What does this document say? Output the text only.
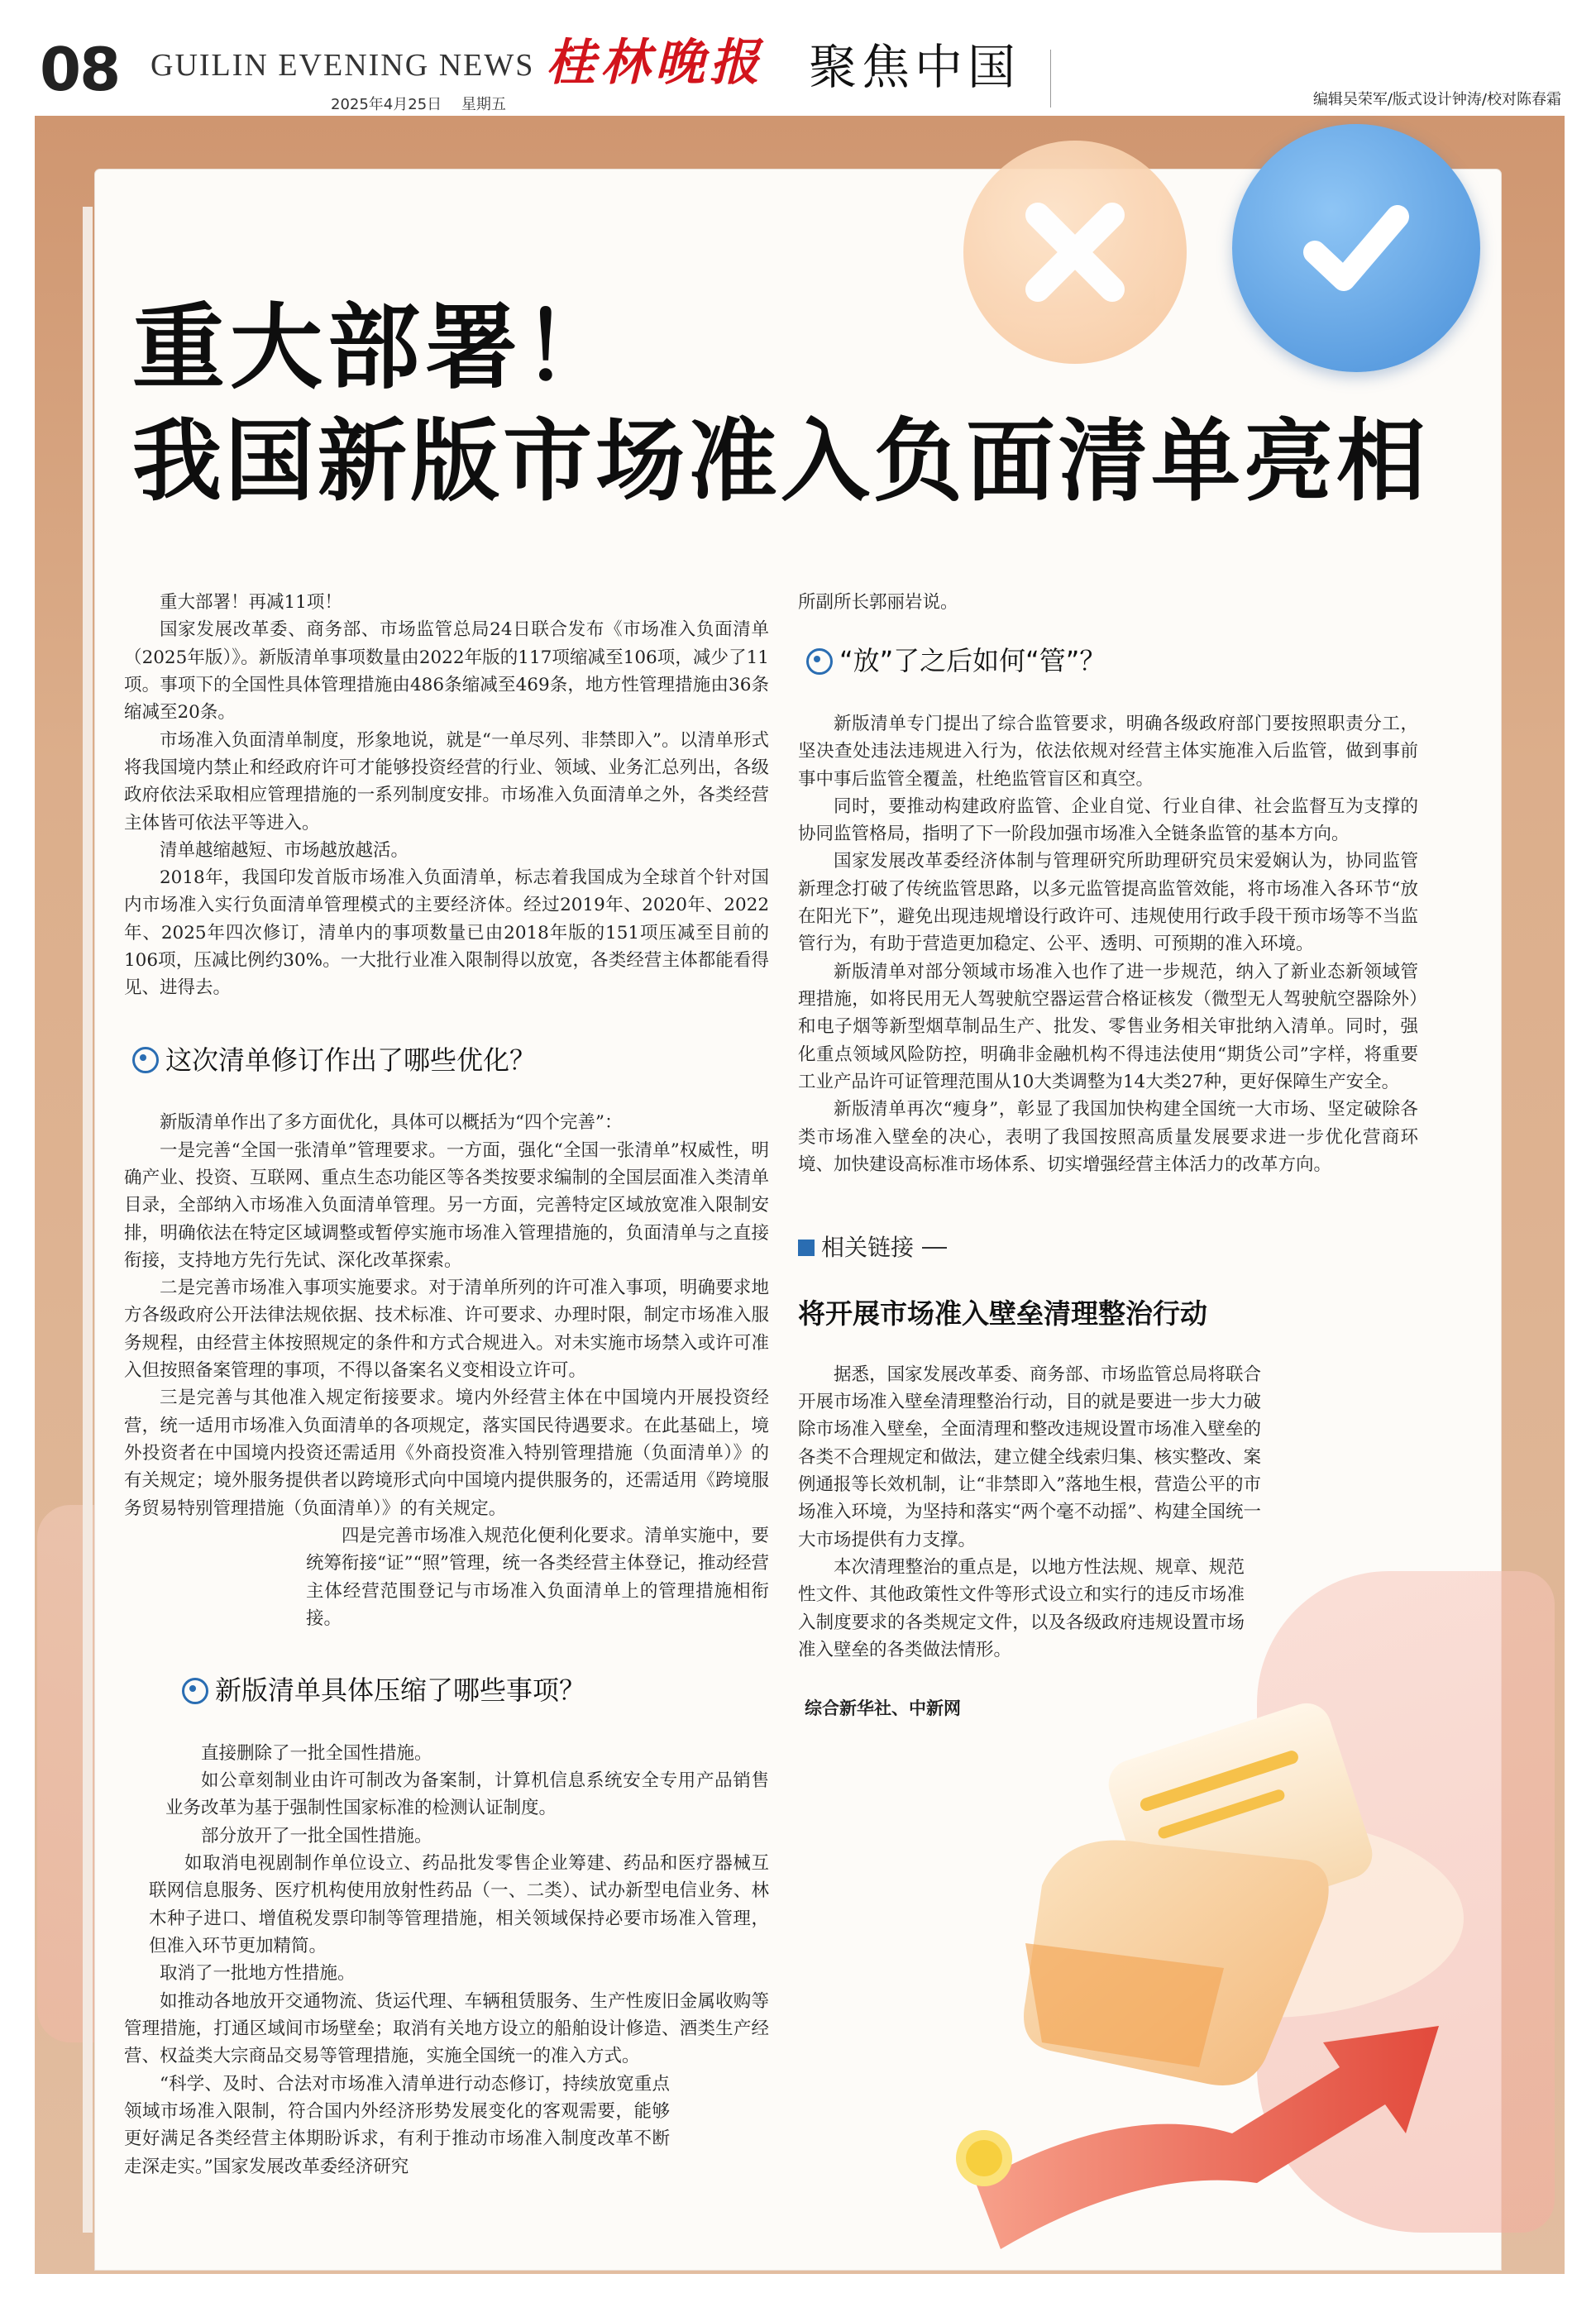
08 GUILIN EVENING NEWS
2025年4月25日 星期五
桂林晚报 聚焦中国
编辑吴荣军/版式设计钟涛/校对陈春霜
重大部署！
我国新版市场准入负面清单亮相

重大部署！再减11项！

国家发展改革委、商务部、市场监管总局24日联合发布《市场准入负面清单（2025年版）》。新版清单事项数量由2022年版的117项缩减至106项，减少了11项。事项下的全国性具体管理措施由486条缩减至469条，地方性管理措施由36条缩减至20条。

市场准入负面清单制度，形象地说，就是“一单尽列、非禁即入”。以清单形式将我国境内禁止和经政府许可才能够投资经营的行业、领域、业务汇总列出，各级政府依法采取相应管理措施的一系列制度安排。市场准入负面清单之外，各类经营主体皆可依法平等进入。

清单越缩越短、市场越放越活。

2018年，我国印发首版市场准入负面清单，标志着我国成为全球首个针对国内市场准入实行负面清单管理模式的主要经济体。经过2019年、2020年、2022年、2025年四次修订，清单内的事项数量已由2018年版的151项压减至目前的106项，压减比例约30%。一大批行业准入限制得以放宽，各类经营主体都能看得见、进得去。

这次清单修订作出了哪些优化？

新版清单作出了多方面优化，具体可以概括为“四个完善”：

一是完善“全国一张清单”管理要求。一方面，强化“全国一张清单”权威性，明确产业、投资、互联网、重点生态功能区等各类按要求编制的全国层面准入类清单目录，全部纳入市场准入负面清单管理。另一方面，完善特定区域放宽准入限制安排，明确依法在特定区域调整或暂停实施市场准入管理措施的，负面清单与之直接衔接，支持地方先行先试、深化改革探索。

二是完善市场准入事项实施要求。对于清单所列的许可准入事项，明确要求地方各级政府公开法律法规依据、技术标准、许可要求、办理时限，制定市场准入服务规程，由经营主体按照规定的条件和方式合规进入。对未实施市场禁入或许可准入但按照备案管理的事项，不得以备案名义变相设立许可。

三是完善与其他准入规定衔接要求。境内外经营主体在中国境内开展投资经营，统一适用市场准入负面清单的各项规定，落实国民待遇要求。在此基础上，境外投资者在中国境内投资还需适用《外商投资准入特别管理措施（负面清单）》的有关规定；境外服务提供者以跨境形式向中国境内提供服务的，还需适用《跨境服务贸易特别管理措施（负面清单）》的有关规定。

四是完善市场准入规范化便利化要求。清单实施中，要统筹衔接“证”“照”管理，统一各类经营主体登记，推动经营主体经营范围登记与市场准入负面清单上的管理措施相衔接。

新版清单具体压缩了哪些事项？

直接删除了一批全国性措施。

如公章刻制业由许可制改为备案制，计算机信息系统安全专用产品销售业务改革为基于强制性国家标准的检测认证制度。

部分放开了一批全国性措施。

如取消电视剧制作单位设立、药品批发零售企业筹建、药品和医疗器械互联网信息服务、医疗机构使用放射性药品（一、二类）、试办新型电信业务、林木种子进口、增值税发票印制等管理措施，相关领域保持必要市场准入管理，但准入环节更加精简。

取消了一批地方性措施。

如推动各地放开交通物流、货运代理、车辆租赁服务、生产性废旧金属收购等管理措施，打通区域间市场壁垒；取消有关地方设立的船舶设计修造、酒类生产经营、权益类大宗商品交易等管理措施，实施全国统一的准入方式。

“科学、及时、合法对市场准入清单进行动态修订，持续放宽重点领域市场准入限制，符合国内外经济形势发展变化的客观需要，能够更好满足各类经营主体期盼诉求，有利于推动市场准入制度改革不断走深走实。”国家发展改革委经济研究

所副所长郭丽岩说。

“放”了之后如何“管”？

新版清单专门提出了综合监管要求，明确各级政府部门要按照职责分工，坚决查处违法违规进入行为，依法依规对经营主体实施准入后监管，做到事前事中事后监管全覆盖，杜绝监管盲区和真空。

同时，要推动构建政府监管、企业自觉、行业自律、社会监督互为支撑的协同监管格局，指明了下一阶段加强市场准入全链条监管的基本方向。

国家发展改革委经济体制与管理研究所助理研究员宋爱娴认为，协同监管新理念打破了传统监管思路，以多元监管提高监管效能，将市场准入各环节“放在阳光下”，避免出现违规增设行政许可、违规使用行政手段干预市场等不当监管行为，有助于营造更加稳定、公平、透明、可预期的准入环境。

新版清单对部分领域市场准入也作了进一步规范，纳入了新业态新领域管理措施，如将民用无人驾驶航空器运营合格证核发（微型无人驾驶航空器除外）和电子烟等新型烟草制品生产、批发、零售业务相关审批纳入清单。同时，强化重点领域风险防控，明确非金融机构不得违法使用“期货公司”字样，将重要工业产品许可证管理范围从10大类调整为14大类27种，更好保障生产安全。

新版清单再次“瘦身”，彰显了我国加快构建全国统一大市场、坚定破除各类市场准入壁垒的决心，表明了我国按照高质量发展要求进一步优化营商环境、加快建设高标准市场体系、切实增强经营主体活力的改革方向。

相关链接
将开展市场准入壁垒清理整治行动

据悉，国家发展改革委、商务部、市场监管总局将联合开展市场准入壁垒清理整治行动，目的就是要进一步大力破除市场准入壁垒，全面清理和整改违规设置市场准入壁垒的各类不合理规定和做法，建立健全线索归集、核实整改、案例通报等长效机制，让“非禁即入”落地生根，营造公平的市场准入环境，为坚持和落实“两个毫不动摇”、构建全国统一大市场提供有力支撑。

本次清理整治的重点是，以地方性法规、规章、规范性文件、其他政策性文件等形式设立和实行的违反市场准入制度要求的各类规定文件，以及各级政府违规设置市场准入壁垒的各类做法情形。

综合新华社、中新网
